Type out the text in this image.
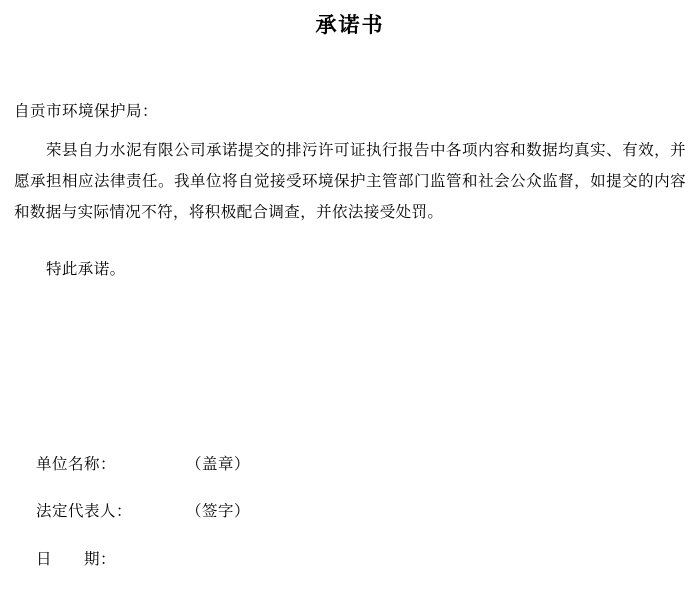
承诺书
自贡市环境保护局：
荣县自力水泥有限公司承诺提交的排污许可证执行报告中各项内容和数据均真实、有效，并愿承担相应法律责任。我单位将自觉接受环境保护主管部门监管和社会公众监督，如提交的内容和数据与实际情况不符，将积极配合调查，并依法接受处罚。
特此承诺。
单位名称：	（盖章）
法定代表人：	（签字）
日　　期：
